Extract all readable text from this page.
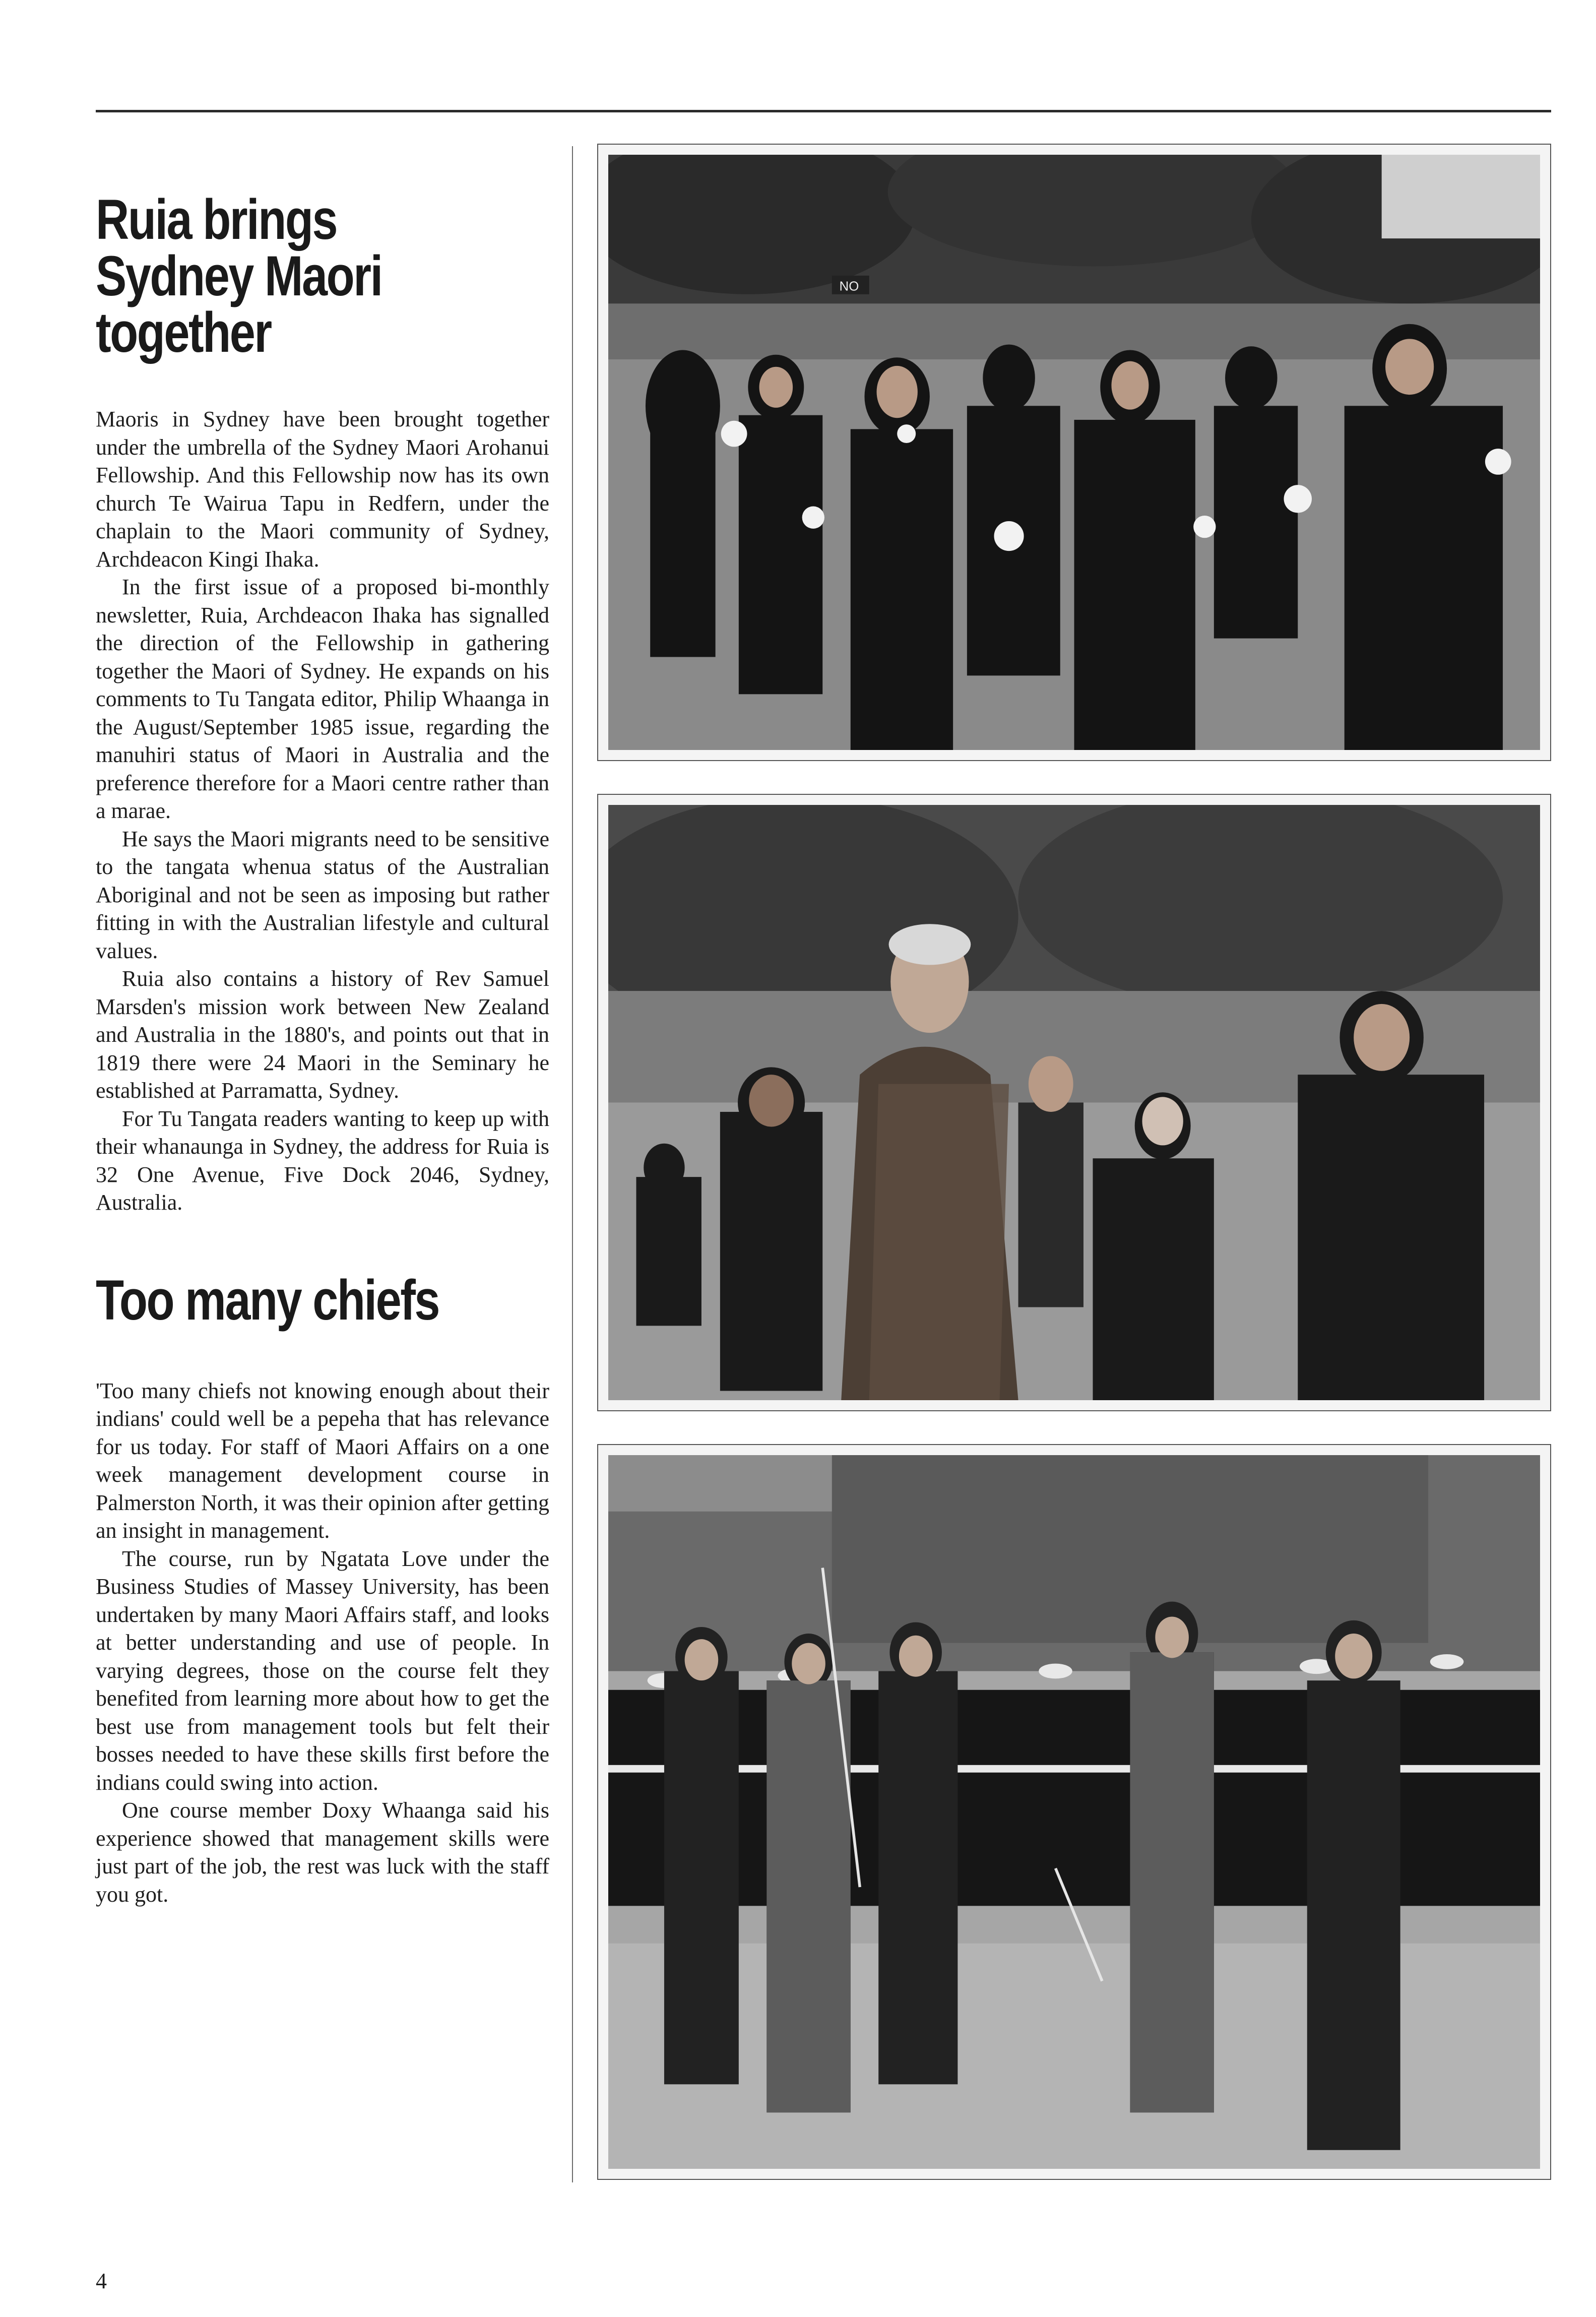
Ruia brings
Sydney Maori
together

Maoris in Sydney have been brought together under the umbrella of the Sydney Maori Arohanui Fellowship. And this Fellowship now has its own church Te Wairua Tapu in Redfern, under the chaplain to the Maori community of Sydney, Archdeacon Kingi Ihaka.

In the first issue of a proposed bi-monthly newsletter, Ruia, Archdeacon Ihaka has signalled the direction of the Fellowship in gathering together the Maori of Sydney. He expands on his comments to Tu Tangata editor, Philip Whaanga in the August/September 1985 issue, regarding the manuhiri status of Maori in Australia and the preference therefore for a Maori centre rather than a marae.

He says the Maori migrants need to be sensitive to the tangata whenua status of the Australian Aboriginal and not be seen as imposing but rather fitting in with the Australian lifestyle and cultural values.

Ruia also contains a history of Rev Samuel Marsden's mission work between New Zealand and Australia in the 1880's, and points out that in 1819 there were 24 Maori in the Seminary he established at Parramatta, Sydney.

For Tu Tangata readers wanting to keep up with their whanaunga in Sydney, the address for Ruia is 32 One Avenue, Five Dock 2046, Sydney, Australia.

Too many chiefs

'Too many chiefs not knowing enough about their indians' could well be a pepeha that has relevance for us today. For staff of Maori Affairs on a one week management development course in Palmerston North, it was their opinion after getting an insight in management.

The course, run by Ngatata Love under the Business Studies of Massey University, has been undertaken by many Maori Affairs staff, and looks at better understanding and use of people. In varying degrees, those on the course felt they benefited from learning more about how to get the best use from management tools but felt their bosses needed to have these skills first before the indians could swing into action.

One course member Doxy Whaanga said his experience showed that management skills were just part of the job, the rest was luck with the staff you got.

NO
4
